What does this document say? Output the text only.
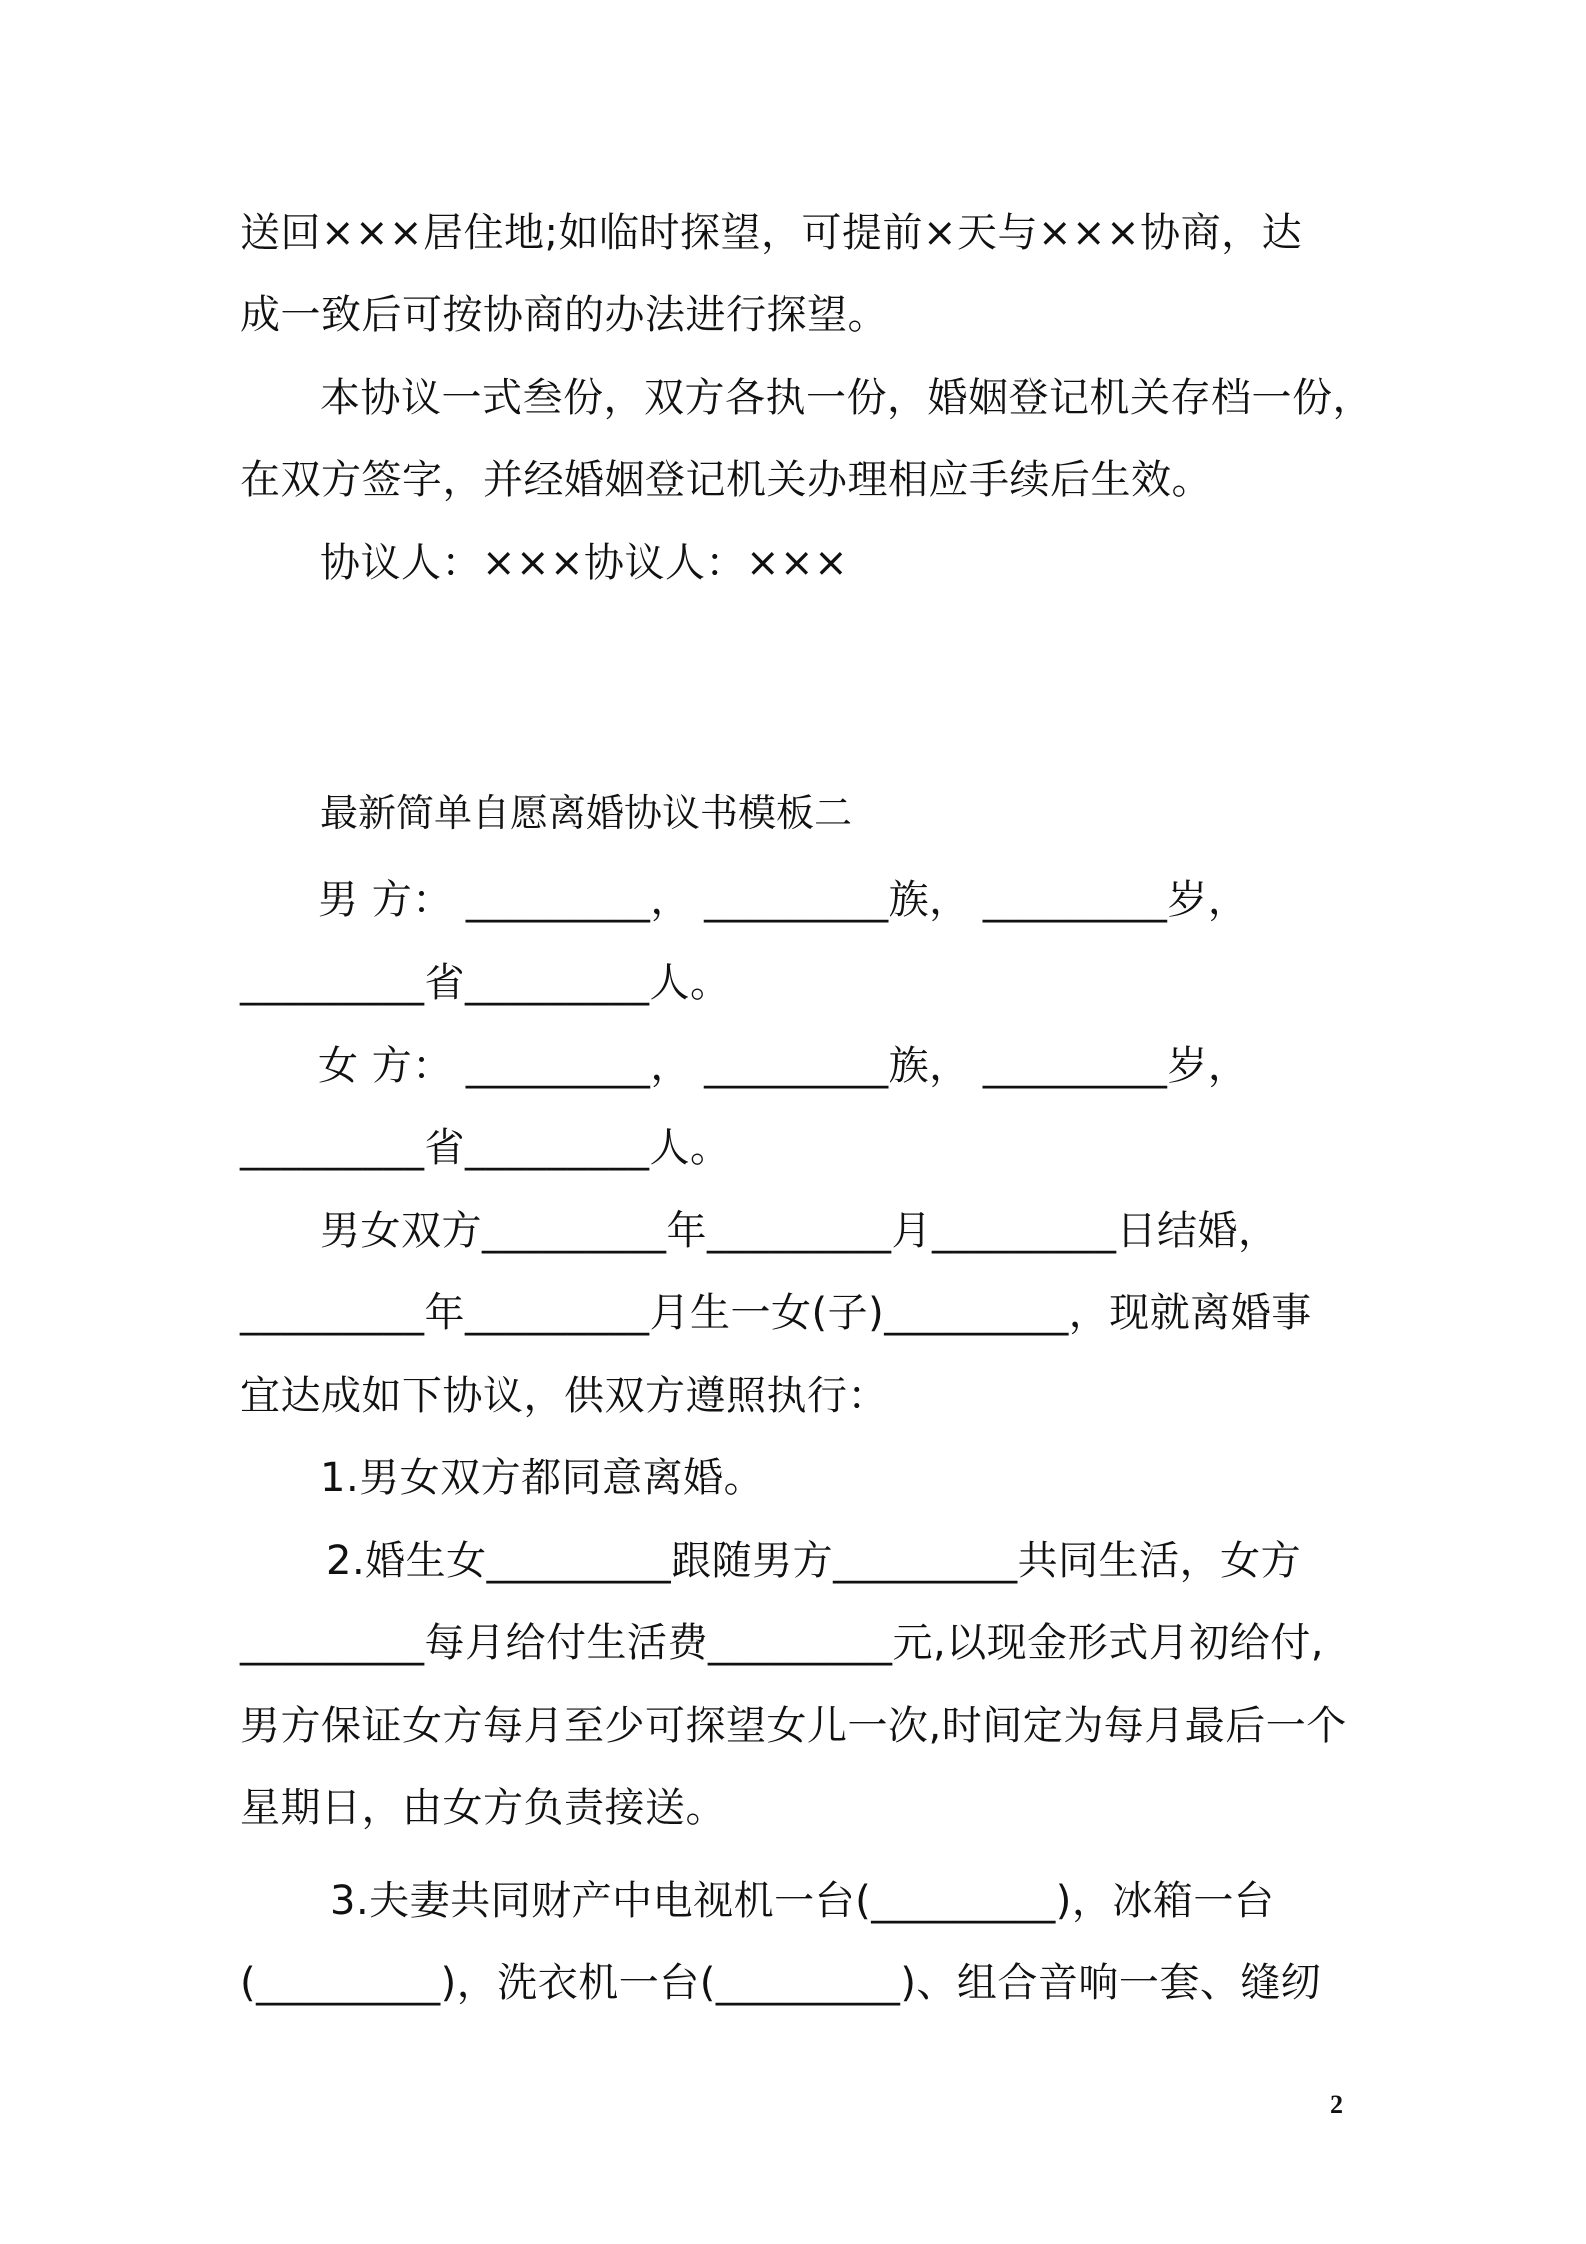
送回×××居住地;如临时探望，可提前×天与×××协商，达
成一致后可按协商的办法进行探望。
本协议一式叁份，双方各执一份，婚姻登记机关存档一份，
在双方签字，并经婚姻登记机关办理相应手续后生效。
协议人：×××协议人：×××
最新简单自愿离婚协议书模板二
男 方： _________， _________族， _________岁，
_________省_________人。
女 方： _________， _________族， _________岁，
_________省_________人。
男女双方_________年_________月_________日结婚，
_________年_________月生一女(子)_________，现就离婚事
宜达成如下协议，供双方遵照执行：
1.男女双方都同意离婚。
2.婚生女_________跟随男方_________共同生活，女方
_________每月给付生活费_________元,以现金形式月初给付,
男方保证女方每月至少可探望女儿一次,时间定为每月最后一个
星期日，由女方负责接送。
3.夫妻共同财产中电视机一台(_________)，冰箱一台
(_________)，洗衣机一台(_________)、组合音响一套、缝纫
2
